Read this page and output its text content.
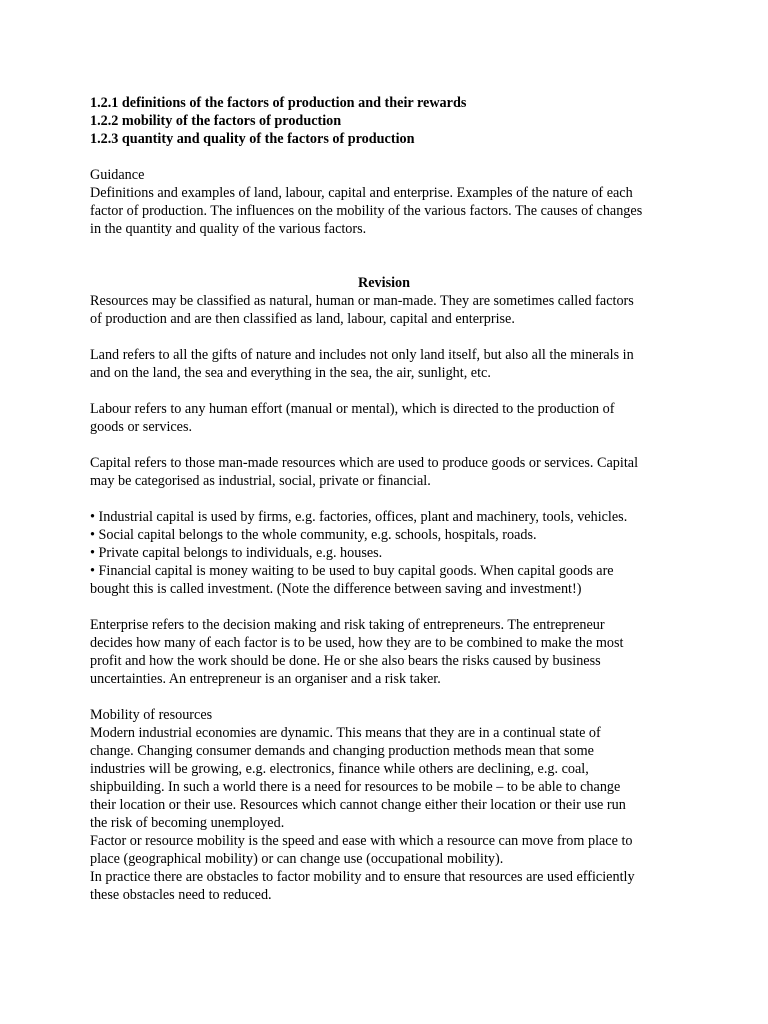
1.2.1 definitions of the factors of production and their rewards
1.2.2 mobility of the factors of production
1.2.3 quantity and quality of the factors of production
Guidance
Definitions and examples of land, labour, capital and enterprise. Examples of the nature of each
factor of production. The influences on the mobility of the various factors. The causes of changes
in the quantity and quality of the various factors.
Revision
Resources may be classified as natural, human or man-made. They are sometimes called factors
of production and are then classified as land, labour, capital and enterprise.
Land refers to all the gifts of nature and includes not only land itself, but also all the minerals in
and on the land, the sea and everything in the sea, the air, sunlight, etc.
Labour refers to any human effort (manual or mental), which is directed to the production of
goods or services.
Capital refers to those man-made resources which are used to produce goods or services. Capital
may be categorised as industrial, social, private or financial.
• Industrial capital is used by firms, e.g. factories, offices, plant and machinery, tools, vehicles.
• Social capital belongs to the whole community, e.g. schools, hospitals, roads.
• Private capital belongs to individuals, e.g. houses.
• Financial capital is money waiting to be used to buy capital goods. When capital goods are
bought this is called investment. (Note the difference between saving and investment!)
Enterprise refers to the decision making and risk taking of entrepreneurs. The entrepreneur
decides how many of each factor is to be used, how they are to be combined to make the most
profit and how the work should be done. He or she also bears the risks caused by business
uncertainties. An entrepreneur is an organiser and a risk taker.
Mobility of resources
Modern industrial economies are dynamic. This means that they are in a continual state of
change. Changing consumer demands and changing production methods mean that some
industries will be growing, e.g. electronics, finance while others are declining, e.g. coal,
shipbuilding. In such a world there is a need for resources to be mobile – to be able to change
their location or their use. Resources which cannot change either their location or their use run
the risk of becoming unemployed.
Factor or resource mobility is the speed and ease with which a resource can move from place to
place (geographical mobility) or can change use (occupational mobility).
In practice there are obstacles to factor mobility and to ensure that resources are used efficiently
these obstacles need to reduced.
